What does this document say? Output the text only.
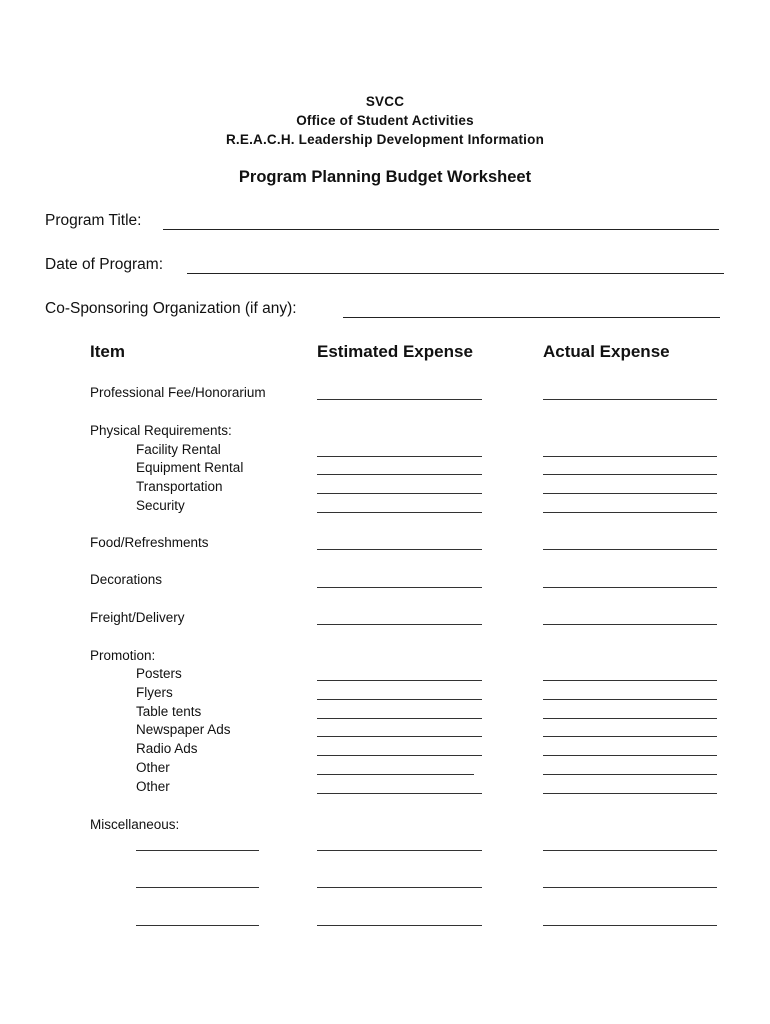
SVCC
Office of Student Activities
R.E.A.C.H. Leadership Development Information
Program Planning Budget Worksheet
Program Title:
Date of Program:
Co-Sponsoring Organization (if any):
Item	Estimated Expense	Actual Expense
Professional Fee/Honorarium
Physical Requirements:
Facility Rental
Equipment Rental
Transportation
Security
Food/Refreshments
Decorations
Freight/Delivery
Promotion:
Posters
Flyers
Table tents
Newspaper Ads
Radio Ads
Other
Other
Miscellaneous:
